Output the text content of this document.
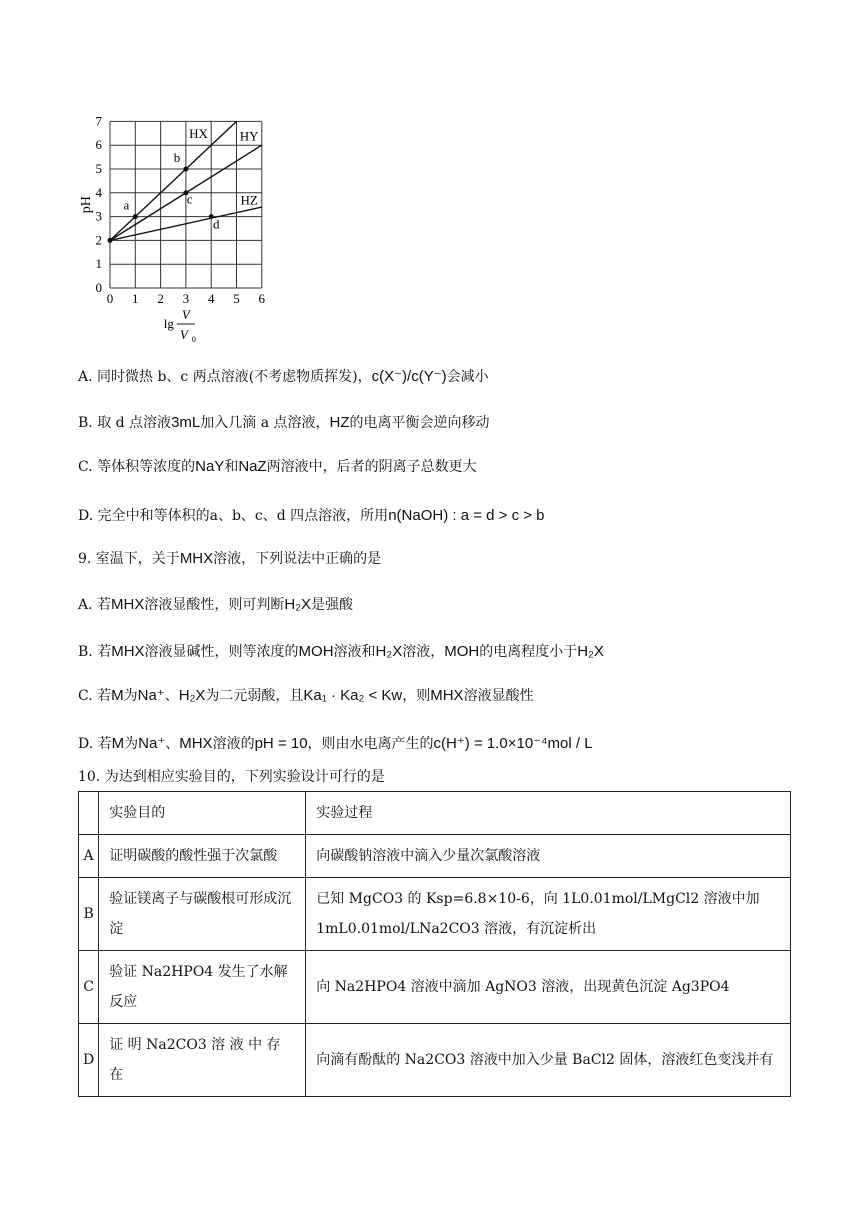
0 1 2 3 4 5 6
0
1
2
3
4
5
6
7
pH
lg
V
V 0
HX HY
HZ
a
b
c
d
A. 同时微热 b、c 两点溶液(不考虑物质挥发)，c(X⁻)/c(Y⁻)会减小
B. 取 d 点溶液3mL加入几滴 a 点溶液，HZ的电离平衡会逆向移动
C. 等体积等浓度的NaY和NaZ两溶液中，后者的阴离子总数更大
D. 完全中和等体积的a、b、c、d 四点溶液，所用n(NaOH) : a = d > c > b
9. 室温下，关于MHX溶液，下列说法中正确的是
A. 若MHX溶液显酸性，则可判断H₂X是强酸
B. 若MHX溶液显碱性，则等浓度的MOH溶液和H₂X溶液，MOH的电离程度小于H₂X
C. 若M为Na⁺、H₂X为二元弱酸，且Ka₁ · Ka₂ < Kw，则MHX溶液显酸性
D. 若M为Na⁺、MHX溶液的pH = 10，则由水电离产生的c(H⁺) = 1.0×10⁻⁴mol / L
10. 为达到相应实验目的，下列实验设计可行的是
	实验目的	实验过程
A	证明碳酸的酸性强于次氯酸	向碳酸钠溶液中滴入少量次氯酸溶液
B	验证镁离子与碳酸根可形成沉淀	已知 MgCO3 的 Ksp=6.8×10-6，向 1L0.01mol/LMgCl2 溶液中加 1mL0.01mol/LNa2CO3 溶液，有沉淀析出
C	验证 Na2HPO4 发生了水解反应	向 Na2HPO4 溶液中滴加 AgNO3 溶液，出现黄色沉淀 Ag3PO4
D	证 明 Na2CO3 溶 液 中 存 在	向滴有酚酞的 Na2CO3 溶液中加入少量 BaCl2 固体，溶液红色变浅并有
